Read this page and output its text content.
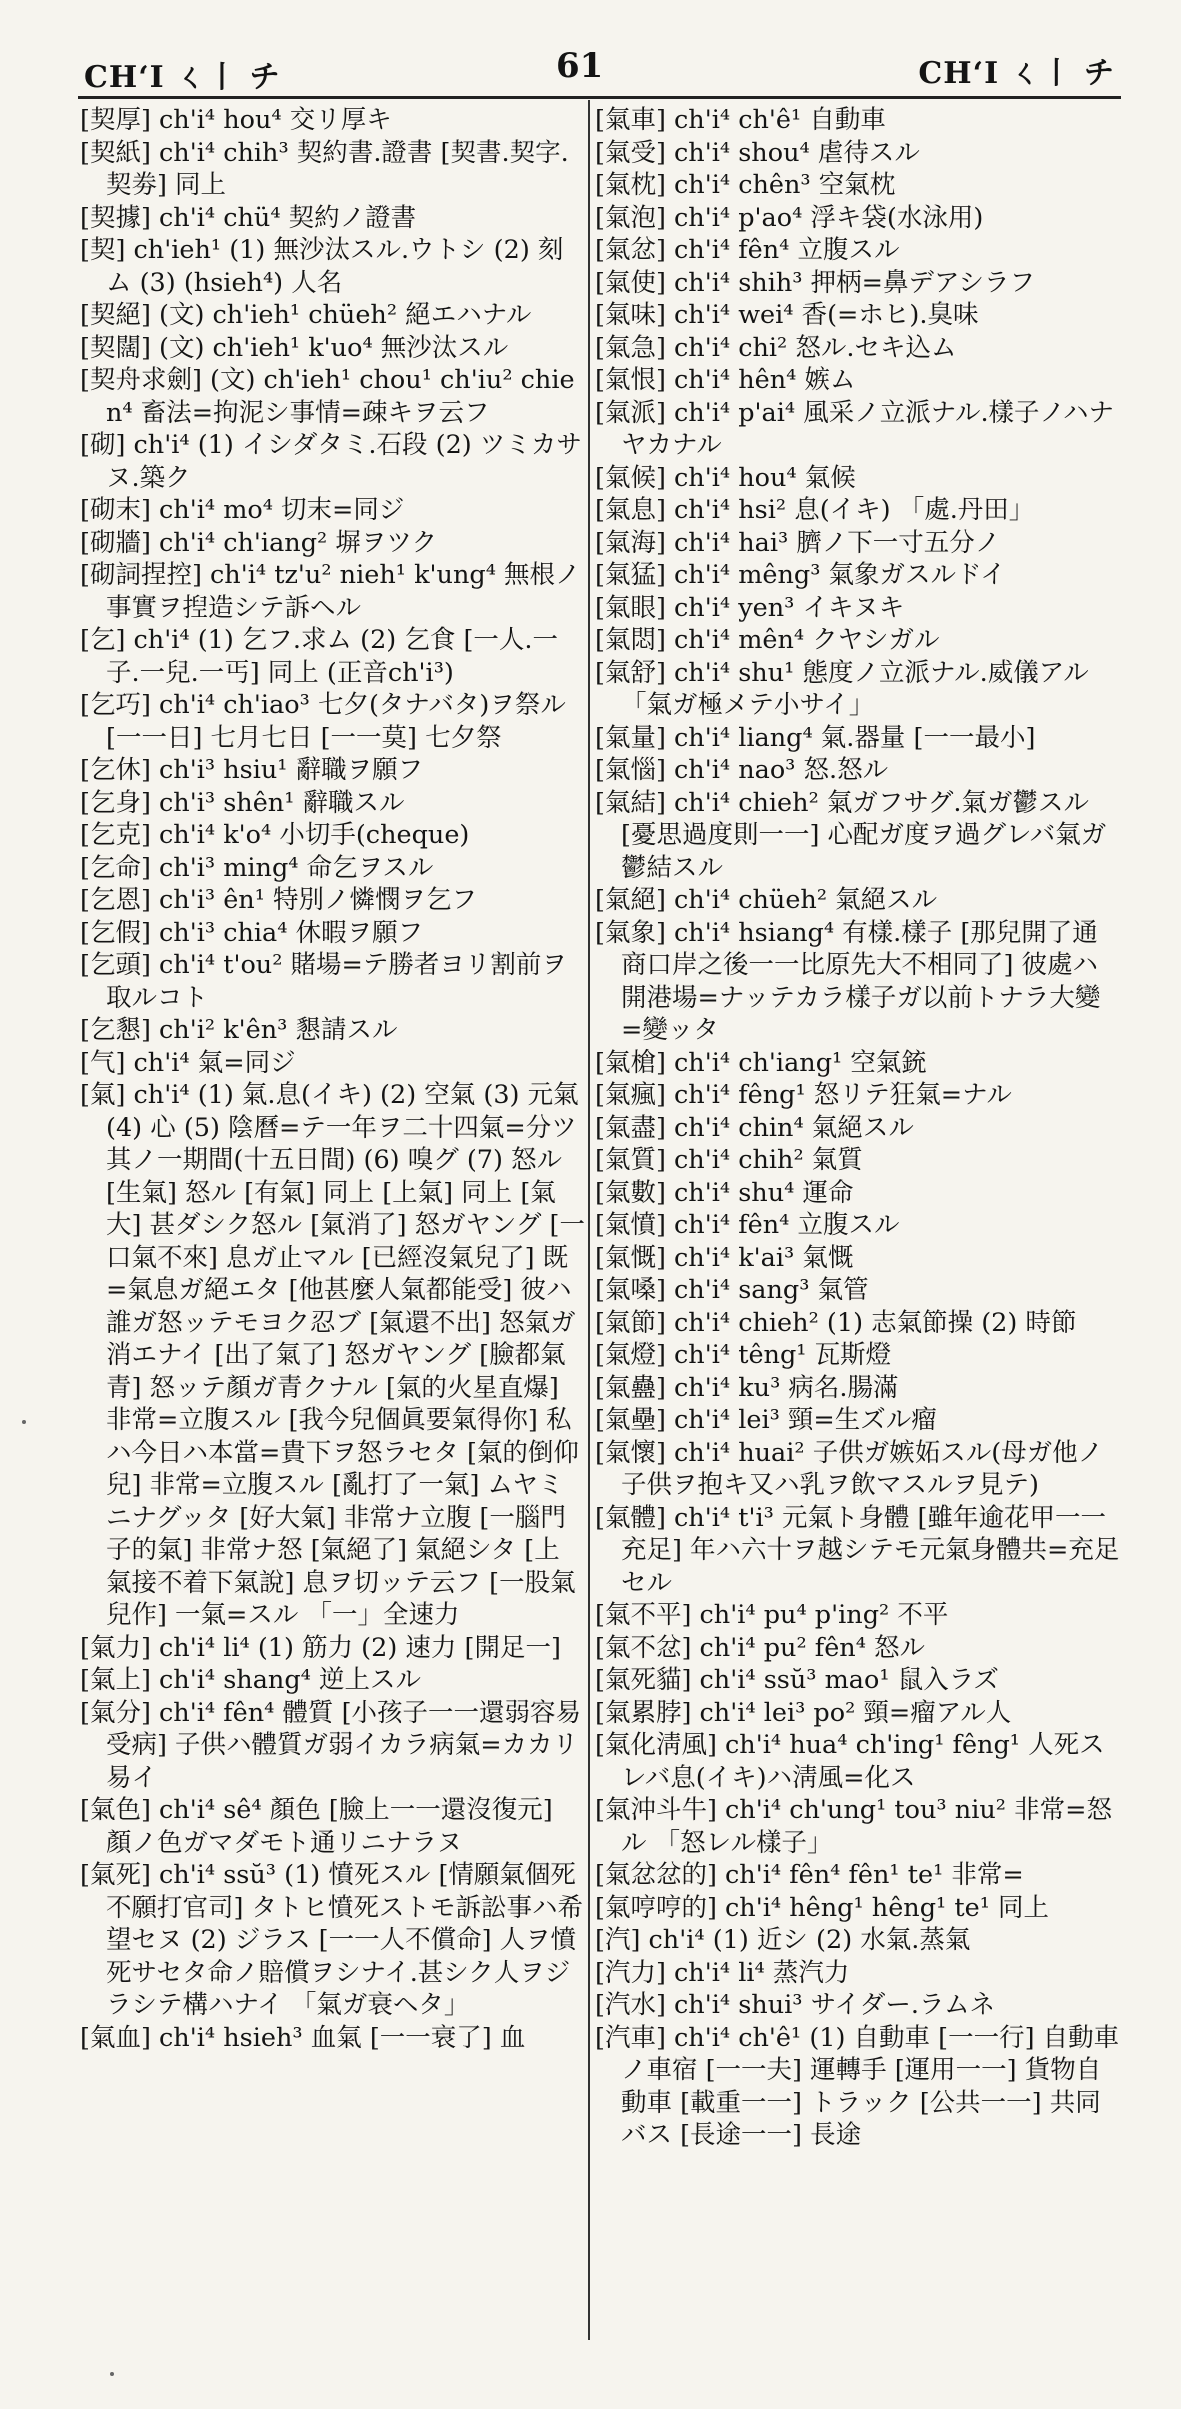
CHʻI ㄑ丨 チ	61	CHʻI ㄑ丨 チ

[契厚] ch'i⁴ hou⁴ 交リ厚キ

[契紙] ch'i⁴ chih³ 契約書.證書 [契書.契字.契劵] 同上

[契據] ch'i⁴ chü⁴ 契約ノ證書

[契] ch'ieh¹ (1) 無沙汰スル.ウトシ (2) 刻ム (3) (hsieh⁴) 人名

[契絕] (文) ch'ieh¹ chüeh² 絕エハナル

[契闊] (文) ch'ieh¹ k'uo⁴ 無沙汰スル

[契舟求劍] (文) ch'ieh¹ chou¹ ch'iu² chien⁴ 畜法=拘泥シ事情=疎キヲ云フ

[砌] ch'i⁴ (1) イシダタミ.石段 (2) ツミカサヌ.築ク

[砌末] ch'i⁴ mo⁴ 切末=同ジ

[砌牆] ch'i⁴ ch'iang² 塀ヲツク

[砌詞捏控] ch'i⁴ tz'u² nieh¹ k'ung⁴ 無根ノ事實ヲ揑造シテ訴ヘル

[乞] ch'i⁴ (1) 乞フ.求ム (2) 乞食 [一人.一子.一兒.一丐] 同上 (正音ch'i³)

[乞巧] ch'i⁴ ch'iao³ 七夕(タナバタ)ヲ祭ル [一一日] 七月七日 [一一莫] 七夕祭

[乞休] ch'i³ hsiu¹ 辭職ヲ願フ

[乞身] ch'i³ shên¹ 辭職スル

[乞克] ch'i⁴ k'o⁴ 小切手(cheque)

[乞命] ch'i³ ming⁴ 命乞ヲスル

[乞恩] ch'i³ ên¹ 特別ノ憐憫ヲ乞フ

[乞假] ch'i³ chia⁴ 休暇ヲ願フ

[乞頭] ch'i⁴ t'ou² 賭場=テ勝者ヨリ割前ヲ取ルコト

[乞懇] ch'i² k'ên³ 懇請スル

[气] ch'i⁴ 氣=同ジ

[氣] ch'i⁴ (1) 氣.息(イキ) (2) 空氣 (3) 元氣 (4) 心 (5) 陰曆=テ一年ヲ二十四氣=分ツ其ノ一期間(十五日間) (6) 嗅グ (7) 怒ル [生氣] 怒ル [有氣] 同上 [上氣] 同上 [氣大] 甚ダシク怒ル [氣消了] 怒ガヤング [一口氣不來] 息ガ止マル [已經沒氣兒了] 既=氣息ガ絕エタ [他甚麼人氣都能受] 彼ハ誰ガ怒ッテモヨク忍ブ [氣還不出] 怒氣ガ消エナイ [出了氣了] 怒ガヤング [臉都氣青] 怒ッテ顏ガ青クナル [氣的火星直爆] 非常=立腹スル [我今兒個眞要氣得你] 私ハ今日ハ本當=貴下ヲ怒ラセタ [氣的倒仰兒] 非常=立腹スル [亂打了一氣] ムヤミニナグッタ [好大氣] 非常ナ立腹 [一腦門子的氣] 非常ナ怒 [氣絕了] 氣絕シタ [上氣接不着下氣說] 息ヲ切ッテ云フ [一股氣兒作] 一氣=スル 「一」全速力

[氣力] ch'i⁴ li⁴ (1) 筋力 (2) 速力 [開足一]

[氣上] ch'i⁴ shang⁴ 逆上スル

[氣分] ch'i⁴ fên⁴ 體質 [小孩子一一還弱容易受病] 子供ハ體質ガ弱イカラ病氣=カカリ易イ

[氣色] ch'i⁴ sê⁴ 顏色 [臉上一一還沒復元] 顏ノ色ガマダモト通リニナラヌ

[氣死] ch'i⁴ ssŭ³ (1) 憤死スル [情願氣個死不願打官司] タトヒ憤死ストモ訴訟事ハ希望セヌ (2) ジラス [一一人不償命] 人ヲ憤死サセタ命ノ賠償ヲシナイ.甚シク人ヲジラシテ構ハナイ 「氣ガ衰ヘタ」

[氣血] ch'i⁴ hsieh³ 血氣 [一一衰了] 血

[氣車] ch'i⁴ ch'ê¹ 自動車

[氣受] ch'i⁴ shou⁴ 虐待スル

[氣枕] ch'i⁴ chên³ 空氣枕

[氣泡] ch'i⁴ p'ao⁴ 浮キ袋(水泳用)

[氣忿] ch'i⁴ fên⁴ 立腹スル

[氣使] ch'i⁴ shih³ 押柄=鼻デアシラフ

[氣味] ch'i⁴ wei⁴ 香(=ホヒ).臭味

[氣急] ch'i⁴ chi² 怒ル.セキ込ム

[氣恨] ch'i⁴ hên⁴ 嫉ム

[氣派] ch'i⁴ p'ai⁴ 風采ノ立派ナル.樣子ノハナヤカナル

[氣候] ch'i⁴ hou⁴ 氣候

[氣息] ch'i⁴ hsi² 息(イキ) 「處.丹田」

[氣海] ch'i⁴ hai³ 臍ノ下一寸五分ノ

[氣猛] ch'i⁴ mêng³ 氣象ガスルドイ

[氣眼] ch'i⁴ yen³ イキヌキ

[氣悶] ch'i⁴ mên⁴ クヤシガル

[氣舒] ch'i⁴ shu¹ 態度ノ立派ナル.威儀アル 「氣ガ極メテ小サイ」

[氣量] ch'i⁴ liang⁴ 氣.器量 [一一最小]

[氣惱] ch'i⁴ nao³ 怒.怒ル

[氣結] ch'i⁴ chieh² 氣ガフサグ.氣ガ鬱スル [憂思過度則一一] 心配ガ度ヲ過グレバ氣ガ鬱結スル

[氣絕] ch'i⁴ chüeh² 氣絕スル

[氣象] ch'i⁴ hsiang⁴ 有樣.樣子 [那兒開了通商口岸之後一一比原先大不相同了] 彼處ハ開港場=ナッテカラ樣子ガ以前トナラ大變=變ッタ

[氣槍] ch'i⁴ ch'iang¹ 空氣銃

[氣瘋] ch'i⁴ fêng¹ 怒リテ狂氣=ナル

[氣盡] ch'i⁴ chin⁴ 氣絕スル

[氣質] ch'i⁴ chih² 氣質

[氣數] ch'i⁴ shu⁴ 運命

[氣憤] ch'i⁴ fên⁴ 立腹スル

[氣慨] ch'i⁴ k'ai³ 氣慨

[氣嗓] ch'i⁴ sang³ 氣管

[氣節] ch'i⁴ chieh² (1) 志氣節操 (2) 時節

[氣燈] ch'i⁴ têng¹ 瓦斯燈

[氣蠱] ch'i⁴ ku³ 病名.腸滿

[氣壘] ch'i⁴ lei³ 頸=生ズル瘤

[氣懷] ch'i⁴ huai² 子供ガ嫉妬スル(母ガ他ノ子供ヲ抱キ又ハ乳ヲ飲マスルヲ見テ)

[氣體] ch'i⁴ t'i³ 元氣ト身體 [雖年逾花甲一一充足] 年ハ六十ヲ越シテモ元氣身體共=充足セル

[氣不平] ch'i⁴ pu⁴ p'ing² 不平

[氣不忿] ch'i⁴ pu² fên⁴ 怒ル

[氣死貓] ch'i⁴ ssŭ³ mao¹ 鼠入ラズ

[氣累脖] ch'i⁴ lei³ po² 頸=瘤アル人

[氣化淸風] ch'i⁴ hua⁴ ch'ing¹ fêng¹ 人死スレバ息(イキ)ハ淸風=化ス

[氣沖斗牛] ch'i⁴ ch'ung¹ tou³ niu² 非常=怒ル 「怒レル樣子」

[氣忿忿的] ch'i⁴ fên⁴ fên¹ te¹ 非常=

[氣哼哼的] ch'i⁴ hêng¹ hêng¹ te¹ 同上

[汽] ch'i⁴ (1) 近シ (2) 水氣.蒸氣

[汽力] ch'i⁴ li⁴ 蒸汽力

[汽水] ch'i⁴ shui³ サイダー.ラムネ

[汽車] ch'i⁴ ch'ê¹ (1) 自動車 [一一行] 自動車ノ車宿 [一一夫] 運轉手 [運用一一] 貨物自動車 [載重一一] トラック [公共一一] 共同バス [長途一一] 長途
